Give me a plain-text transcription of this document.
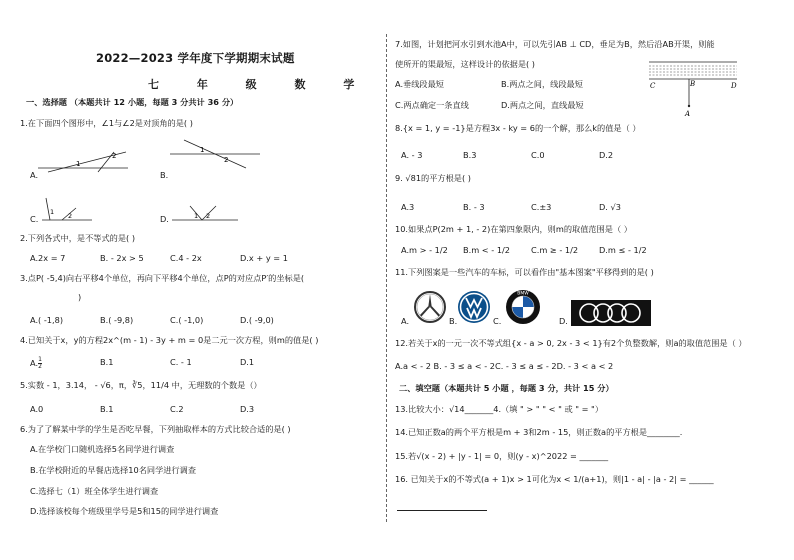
2022—2023 学年度下学期期末试题
七 年 级 数 学
一、选择题 （本题共计 12 小题，每题 3 分共计 36 分）
1.在下面四个图形中，∠1与∠2是对顶角的是( )
A.	B.
C.	D.
1
2
1
2
1 2	1 2
2.下列各式中，是不等式的是( )
A.2x = 7	B. - 2x > 5	C.4 - 2x	D.x + y = 1
3.点P( -5,4)向右平移4个单位，再向下平移4个单位，点P的对应点P′的坐标是(
)
A.( -1,8)	B.( -9,8)	C.( -1,0)	D.( -9,0)
4.已知关于x，y的方程2x^(m - 1) - 3y + m = 0是二元一次方程，则m的值是( )
A. $\frac{1}{2}$	B.1	C. - 1	D.1
5.实数 - 1，3.14， - √6，π，∛5，11/4 中，无理数的个数是（）
A.0	B.1	C.2	D.3
6.为了了解某中学的学生是否吃早餐，下列抽取样本的方式比较合适的是( )
A.在学校门口随机选择5名同学进行调查
B.在学校附近的早餐店选择10名同学进行调查
C.选择七（1）班全体学生进行调查
D.选择该校每个班级里学号是5和15的同学进行调查
7.如图，计划把河水引到水池A中，可以先引AB ⊥ CD，垂足为B，然后沿AB开渠，则能
使所开的渠最短，这样设计的依据是( )
A.垂线段最短	B.两点之间，线段最短
C.两点确定一条直线	D.两点之间，直线最短
C	B	D
A
8.{x = 1, y = -1}是方程3x - ky = 6的一个解，那么k的值是（ ）
A. - 3	B.3	C.0	D.2
9. √81的平方根是( )
A.3	B. - 3	C.±3	D. √3
10.如果点P(2m + 1, - 2)在第四象限内，则m的取值范围是（ ）
A.m > - 1/2 B.m < - 1/2	C.m ≥ - 1/2	D.m ≤ - 1/2
11.下列图案是一些汽车的车标，可以看作由"基本图案"平移得到的是( )
A.	B.	C.	D.
BMW
12.若关于x的一元一次不等式组{x - a > 0, 2x - 3 < 1}有2个负整数解，则a的取值范围是（ ）
A.a < - 2 B. - 3 ≤ a < - 2C. - 3 ≤ a ≤ - 2D. - 3 < a < 2
二、填空题（本题共计 5 小题 ，每题 3 分，共计 15 分）
13.比较大小：√14_______4.（填 " > " " < " 或 " = "）
14.已知正数a的两个平方根是m + 3和2m - 15，则正数a的平方根是________.
15.若√(x - 2) + |y - 1| = 0，则(y - x)^2022 = _______
16. 已知关于x的不等式(a + 1)x > 1可化为x < 1/(a+1)，则|1 - a| - |a - 2| = ______
